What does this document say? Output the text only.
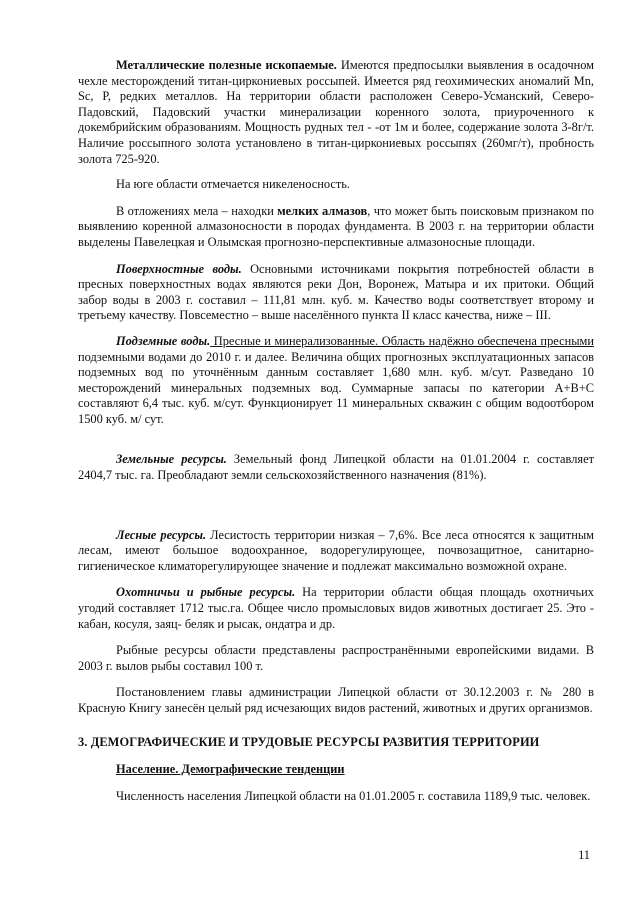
Металлические полезные ископаемые. Имеются предпосылки выявления в осадочном чехле месторождений титан-циркониевых россыпей. Имеется ряд геохимических аномалий Mn, Sc, P, редких металлов. На территории области расположен Северо-Усманский, Северо-Падовский, Падовский участки минерализации коренного золота, приуроченного к докембрийским образованиям. Мощность рудных тел - -от 1м и более, содержание золота 3-8г/т. Наличие россыпного золота установлено в титан-циркониевых россыпях (260мг/т), пробность золота 725-920.

На юге области отмечается никеленосность.

В отложениях мела – находки мелких алмазов, что может быть поисковым признаком по выявлению коренной алмазоносности в породах фундамента. В 2003 г. на территории области выделены Павелецкая и Олымская прогнозно-перспективные алмазоносные площади.

Поверхностные воды. Основными источниками покрытия потребностей области в пресных поверхностных водах являются реки Дон, Воронеж, Матыра и их притоки. Общий забор воды в 2003 г. составил – 111,81 млн. куб. м. Качество воды соответствует второму и третьему качеству. Повсеместно – выше населённого пункта II класс качества, ниже – III.

Подземные воды. Пресные и минерализованные. Область надёжно обеспечена пресными подземными водами до 2010 г. и далее. Величина общих прогнозных эксплуатационных запасов подземных вод по уточнённым данным составляет 1,680 млн. куб. м/сут. Разведано 10 месторождений минеральных подземных вод. Суммарные запасы по категории А+В+С составляют 6,4 тыс. куб. м/сут. Функционирует 11 минеральных скважин с общим водоотбором 1500 куб. м/ сут.

Земельные ресурсы. Земельный фонд Липецкой области на 01.01.2004 г. составляет 2404,7 тыс. га. Преобладают земли сельскохозяйственного назначения (81%).

Лесные ресурсы. Лесистость территории низкая – 7,6%. Все леса относятся к защитным лесам, имеют большое водоохранное, водорегулирующее, почвозащитное, санитарно-гигиеническое климаторегулирующее значение и подлежат максимально возможной охране.

Охотничьи и рыбные ресурсы. На территории области общая площадь охотничьих угодий составляет 1712 тыс.га. Общее число промысловых видов животных достигает 25. Это - кабан, косуля, заяц- беляк и рысак, ондатра и др.

Рыбные ресурсы области представлены распространёнными европейскими видами. В 2003 г. вылов рыбы составил 100 т.

Постановлением главы администрации Липецкой области от 30.12.2003 г. № 280 в Красную Книгу занесён целый ряд исчезающих видов растений, животных и других организмов.

3. ДЕМОГРАФИЧЕСКИЕ И ТРУДОВЫЕ РЕСУРСЫ РАЗВИТИЯ ТЕРРИТОРИИ
Население. Демографические тенденции

Численность населения Липецкой области на 01.01.2005 г. составила 1189,9 тыс. человек.

11
